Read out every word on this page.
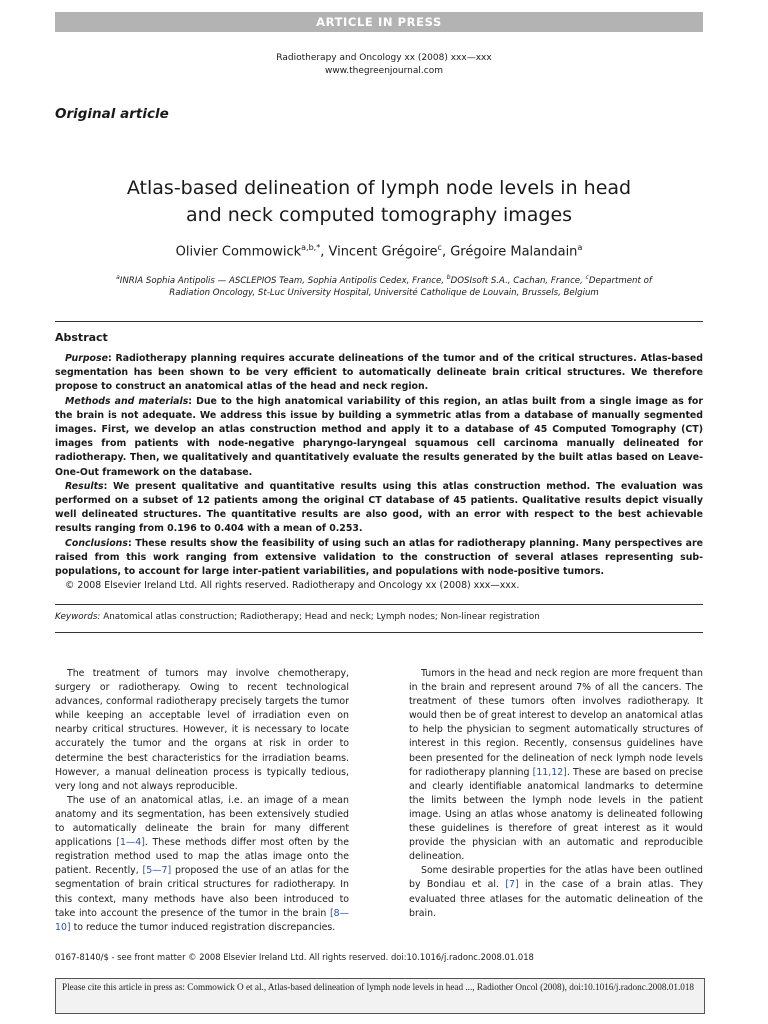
ARTICLE IN PRESS
Radiotherapy and Oncology xx (2008) xxx—xxx
www.thegreenjournal.com
Original article
Atlas-based delineation of lymph node levels in head
and neck computed tomography images
Olivier Commowick$^{a,b,*}$, Vincent Grégoire$^c$, Grégoire Malandain$^a$
$^a$INRIA Sophia Antipolis — ASCLEPIOS Team, Sophia Antipolis Cedex, France, $^b$DOSIsoft S.A., Cachan, France, $^c$Department of
Radiation Oncology, St-Luc University Hospital, Université Catholique de Louvain, Brussels, Belgium
Abstract

Purpose: Radiotherapy planning requires accurate delineations of the tumor and of the critical structures. Atlas-based segmentation has been shown to be very efficient to automatically delineate brain critical structures. We therefore propose to construct an anatomical atlas of the head and neck region.

Methods and materials: Due to the high anatomical variability of this region, an atlas built from a single image as for the brain is not adequate. We address this issue by building a symmetric atlas from a database of manually segmented images. First, we develop an atlas construction method and apply it to a database of 45 Computed Tomography (CT) images from patients with node-negative pharyngo-laryngeal squamous cell carcinoma manually delineated for radiotherapy. Then, we qualitatively and quantitatively evaluate the results generated by the built atlas based on Leave-One-Out framework on the database.

Results: We present qualitative and quantitative results using this atlas construction method. The evaluation was performed on a subset of 12 patients among the original CT database of 45 patients. Qualitative results depict visually well delineated structures. The quantitative results are also good, with an error with respect to the best achievable results ranging from 0.196 to 0.404 with a mean of 0.253.

Conclusions: These results show the feasibility of using such an atlas for radiotherapy planning. Many perspectives are raised from this work ranging from extensive validation to the construction of several atlases representing sub-populations, to account for large inter-patient variabilities, and populations with node-positive tumors.

© 2008 Elsevier Ireland Ltd. All rights reserved. Radiotherapy and Oncology xx (2008) xxx—xxx.

Keywords: Anatomical atlas construction; Radiotherapy; Head and neck; Lymph nodes; Non-linear registration

The treatment of tumors may involve chemotherapy, surgery or radiotherapy. Owing to recent technological advances, conformal radiotherapy precisely targets the tumor while keeping an acceptable level of irradiation even on nearby critical structures. However, it is necessary to locate accurately the tumor and the organs at risk in order to determine the best characteristics for the irradiation beams. However, a manual delineation process is typically tedious, very long and not always reproducible.

The use of an anatomical atlas, i.e. an image of a mean anatomy and its segmentation, has been extensively studied to automatically delineate the brain for many different applications [1—4]. These methods differ most often by the registration method used to map the atlas image onto the patient. Recently, [5—7] proposed the use of an atlas for the segmentation of brain critical structures for radiotherapy. In this context, many methods have also been introduced to take into account the presence of the tumor in the brain [8—10] to reduce the tumor induced registration discrepancies.

Tumors in the head and neck region are more frequent than in the brain and represent around 7% of all the cancers. The treatment of these tumors often involves radiotherapy. It would then be of great interest to develop an anatomical atlas to help the physician to segment automatically structures of interest in this region. Recently, consensus guidelines have been presented for the delineation of neck lymph node levels for radiotherapy planning [11,12]. These are based on precise and clearly identifiable anatomical landmarks to determine the limits between the lymph node levels in the patient image. Using an atlas whose anatomy is delineated following these guidelines is therefore of great interest as it would provide the physician with an automatic and reproducible delineation.

Some desirable properties for the atlas have been outlined by Bondiau et al. [7] in the case of a brain atlas. They evaluated three atlases for the automatic delineation of the brain.

0167-8140/$ - see front matter © 2008 Elsevier Ireland Ltd. All rights reserved. doi:10.1016/j.radonc.2008.01.018
Please cite this article in press as: Commowick O et al., Atlas-based delineation of lymph node levels in head ..., Radiother Oncol (2008), doi:10.1016/j.radonc.2008.01.018
